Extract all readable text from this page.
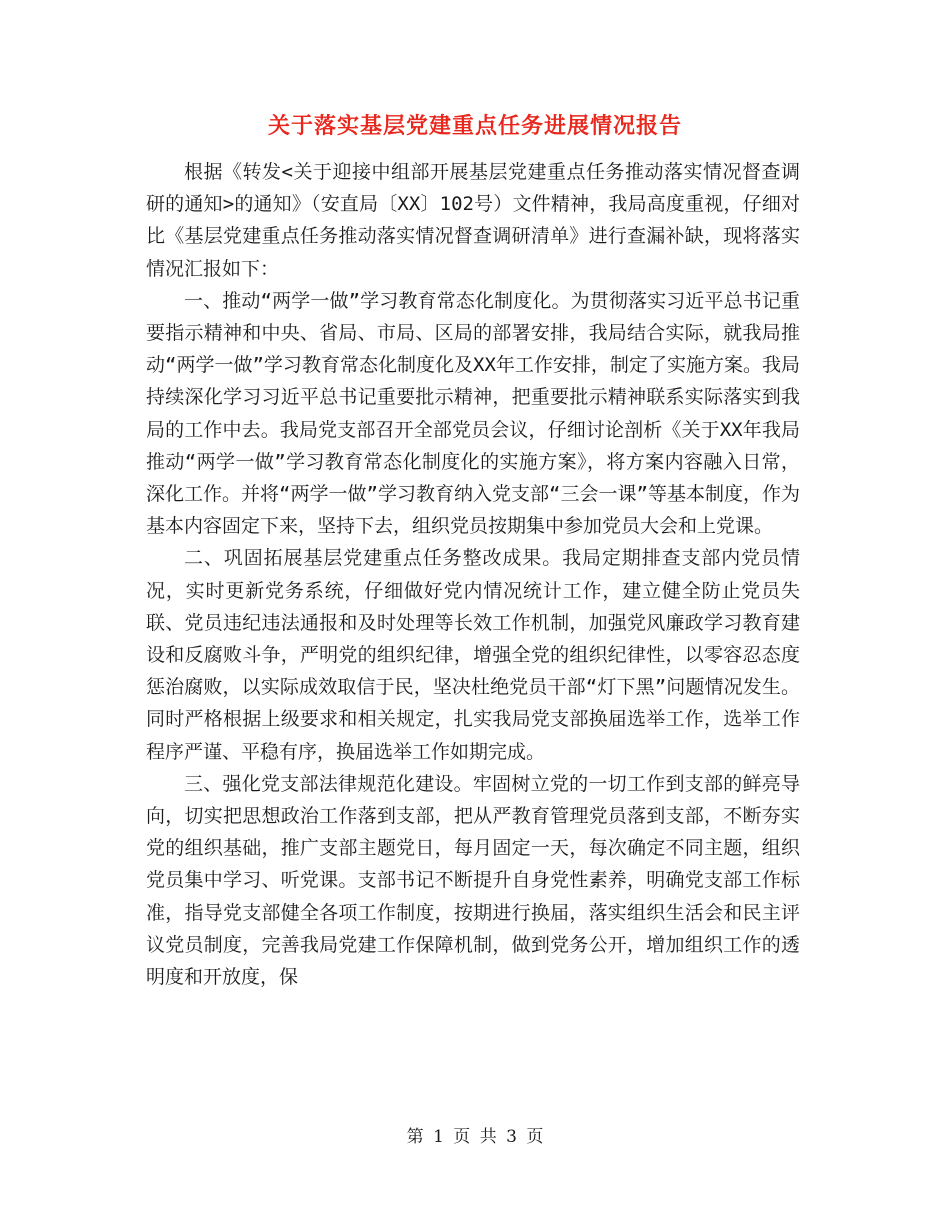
关于落实基层党建重点任务进展情况报告

根据《转发<关于迎接中组部开展基层党建重点任务推动落实情况督查调研的通知>的通知》（安直局〔XX〕102号）文件精神，我局高度重视，仔细对比《基层党建重点任务推动落实情况督查调研清单》进行查漏补缺，现将落实情况汇报如下：

一、推动“两学一做”学习教育常态化制度化。为贯彻落实习近平总书记重要指示精神和中央、省局、市局、区局的部署安排，我局结合实际，就我局推动“两学一做”学习教育常态化制度化及XX年工作安排，制定了实施方案。我局持续深化学习习近平总书记重要批示精神，把重要批示精神联系实际落实到我局的工作中去。我局党支部召开全部党员会议，仔细讨论剖析《关于XX年我局推动“两学一做”学习教育常态化制度化的实施方案》，将方案内容融入日常，深化工作。并将“两学一做”学习教育纳入党支部“三会一课”等基本制度，作为基本内容固定下来，坚持下去，组织党员按期集中参加党员大会和上党课。

二、巩固拓展基层党建重点任务整改成果。我局定期排查支部内党员情况，实时更新党务系统，仔细做好党内情况统计工作，建立健全防止党员失联、党员违纪违法通报和及时处理等长效工作机制，加强党风廉政学习教育建设和反腐败斗争，严明党的组织纪律，增强全党的组织纪律性，以零容忍态度惩治腐败，以实际成效取信于民，坚决杜绝党员干部“灯下黑”问题情况发生。同时严格根据上级要求和相关规定，扎实我局党支部换届选举工作，选举工作程序严谨、平稳有序，换届选举工作如期完成。

三、强化党支部法律规范化建设。牢固树立党的一切工作到支部的鲜亮导向，切实把思想政治工作落到支部，把从严教育管理党员落到支部，不断夯实党的组织基础，推广支部主题党日，每月固定一天，每次确定不同主题，组织党员集中学习、听党课。支部书记不断提升自身党性素养，明确党支部工作标准，指导党支部健全各项工作制度，按期进行换届，落实组织生活会和民主评议党员制度，完善我局党建工作保障机制，做到党务公开，增加组织工作的透明度和开放度，保

第 1 页 共 3 页
